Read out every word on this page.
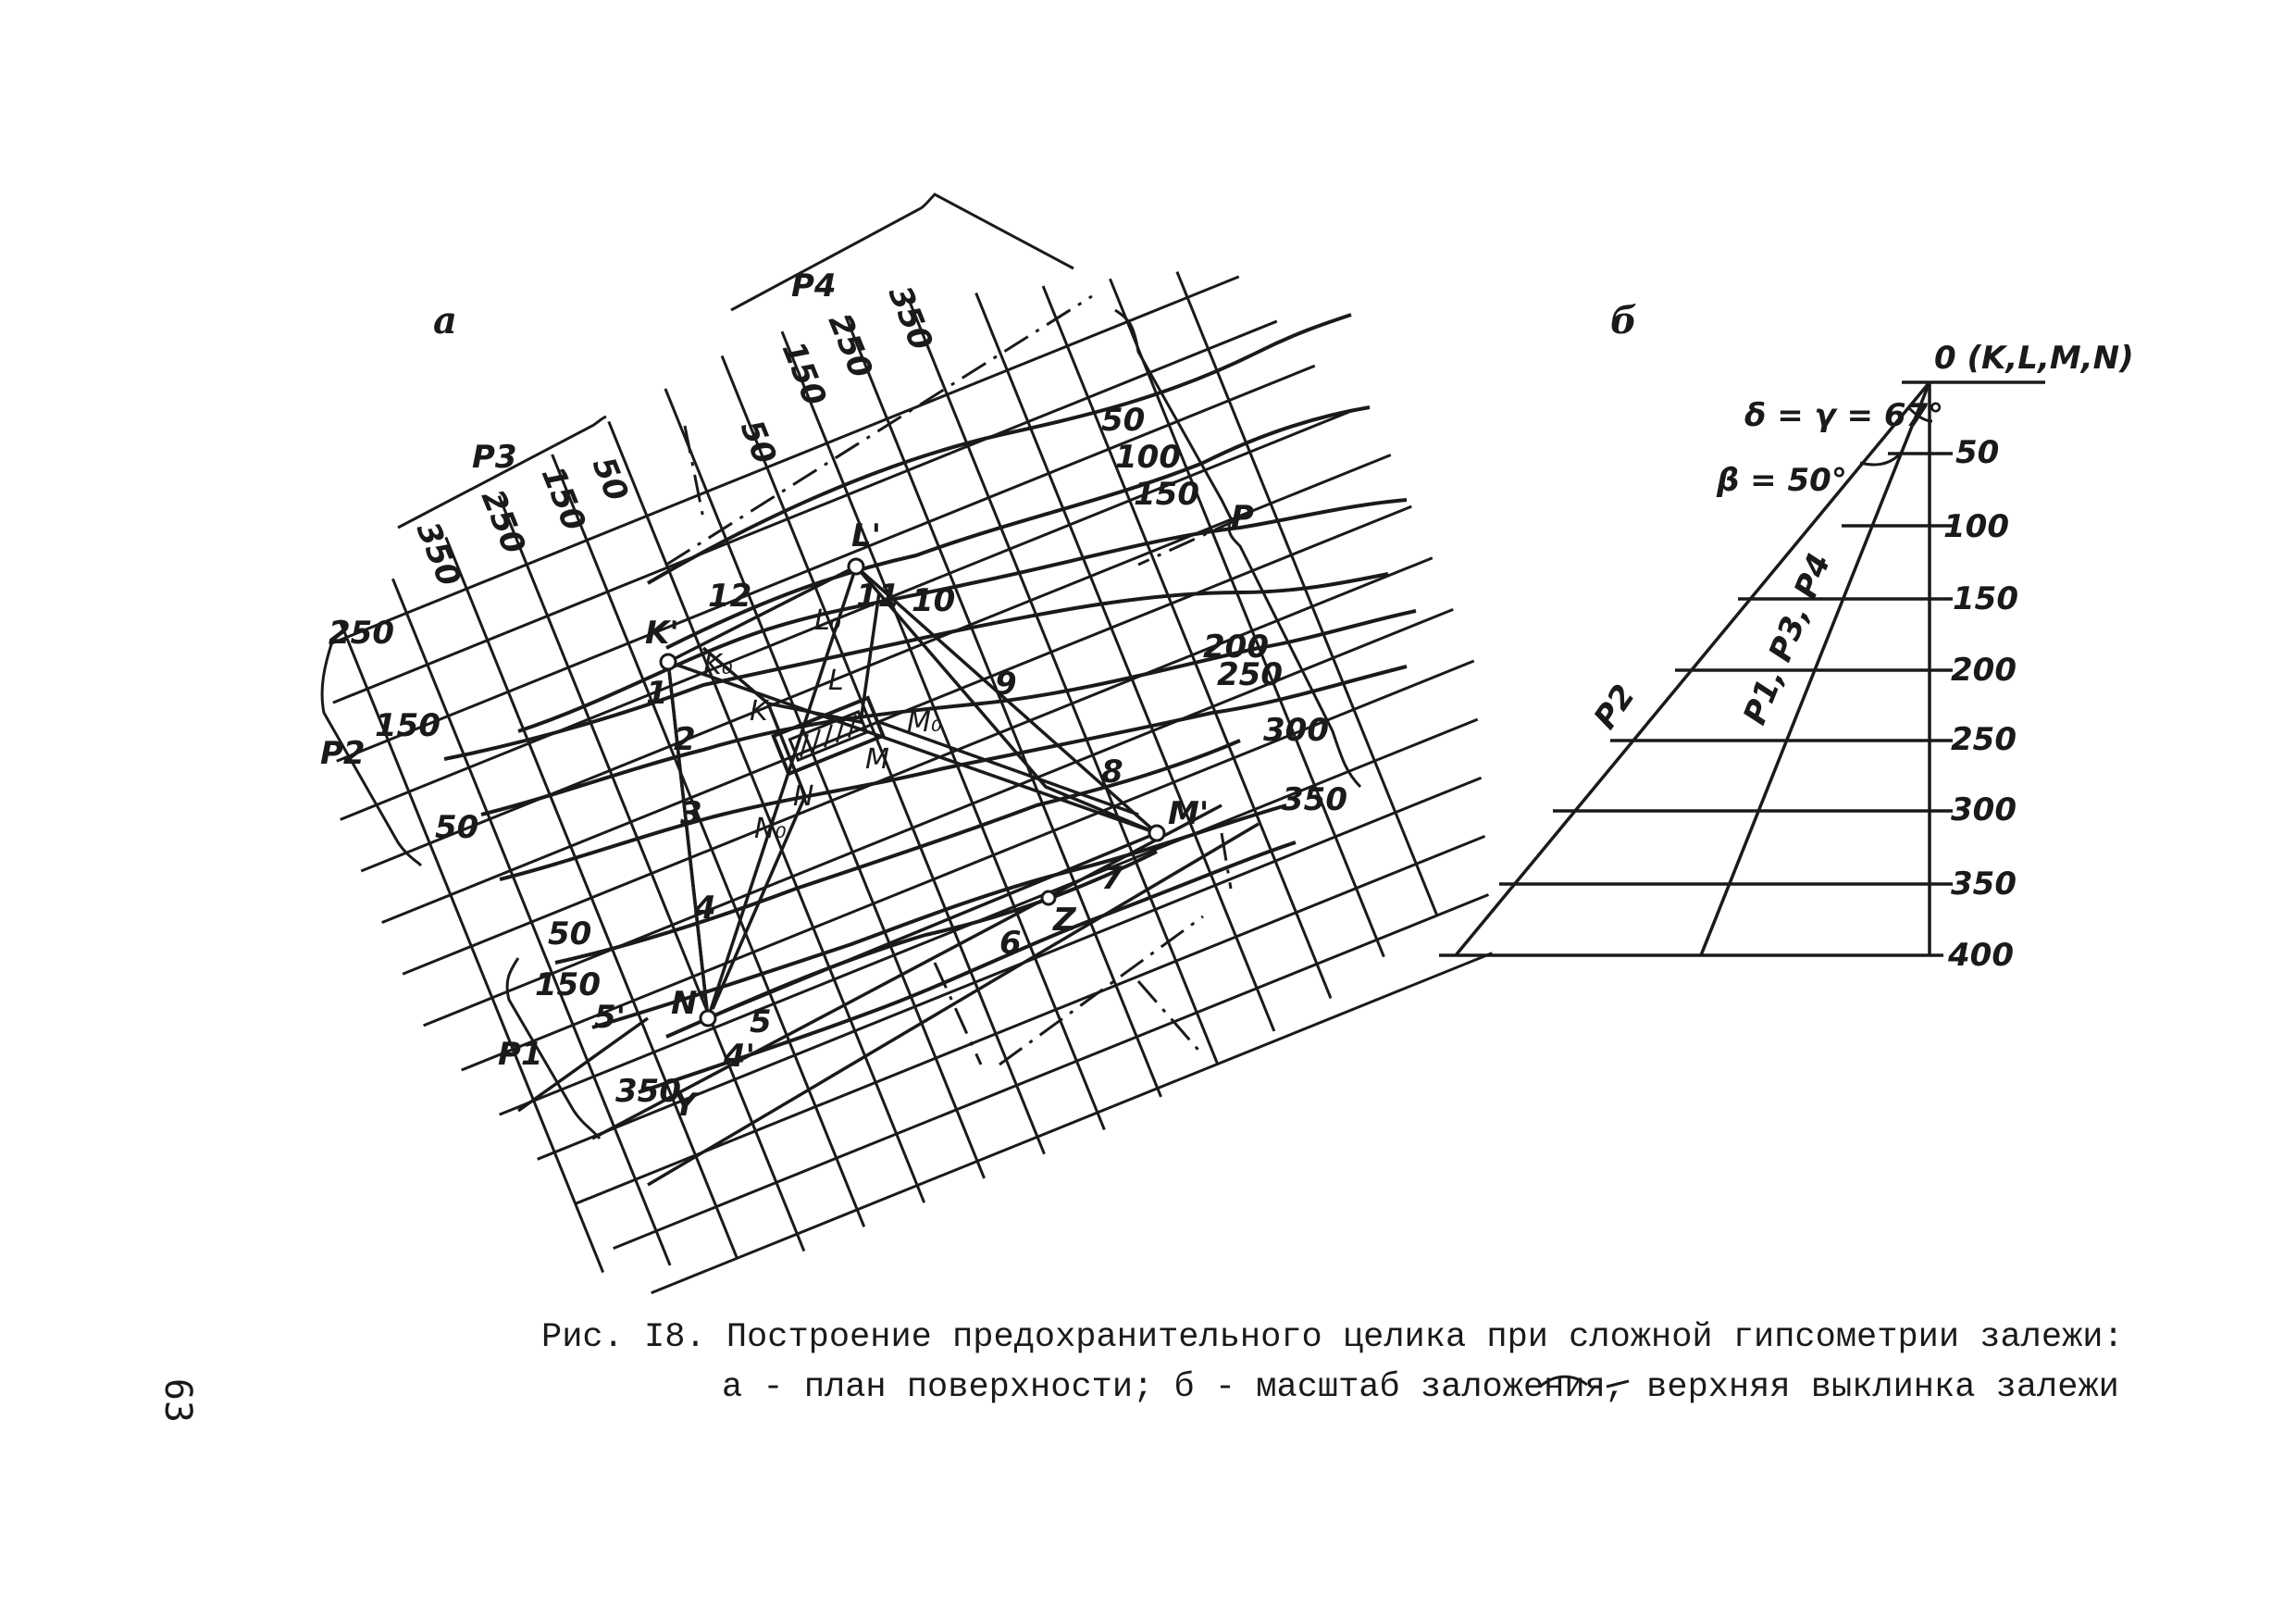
63
а
P
P4
P3
P2
P1
50
100
150
200
250
300
350
50
150
250 350
350 250 150
50
250
150
50
50
150
350
K'
K₀
K
L'
L₀
L
M'
M₀
M
N'
N₀
N
Y
Z
1
2
3
4
4'
5
5'
6
7
8
9
10
11
12
б
0 (K,L,M,N)
δ = γ = 67°
β = 50°
50
100
150
200
250
300
350
400
P2	P1, P3, P4
Рис. I8. Построение предохранительного целика при сложной гипсометрии залежи:
а - план поверхности; б - масштаб заложения, верхняя выклинка залежи
